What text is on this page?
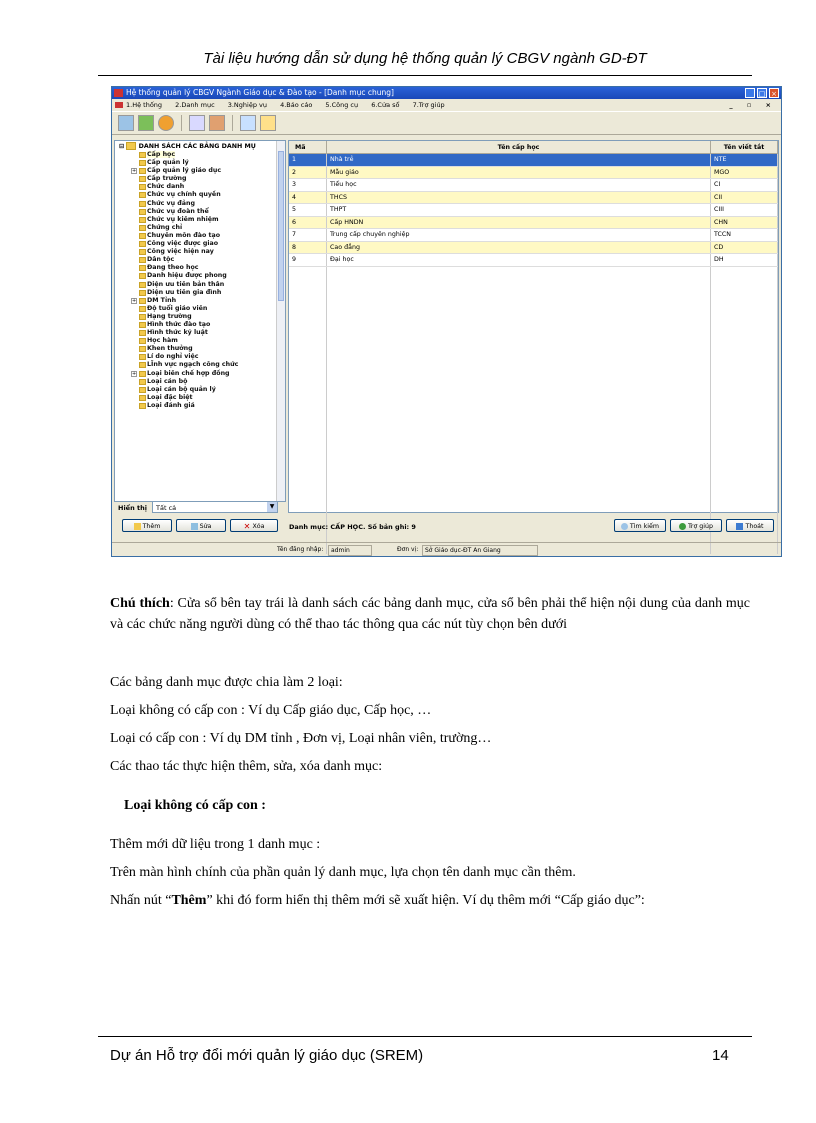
Tài liệu hướng dẫn sử dụng hệ thống quản lý CBGV ngành GD-ĐT
Hệ thống quản lý CBGV Ngành Giáo dục & Đào tạo - [Danh mục chung]	_ □ ×
1.Hệ thống 2.Danh mục 3.Nghiệp vụ 4.Báo cáo 5.Công cụ 6.Cửa sổ 7.Trợ giúp	_ ▫ ×
⊟  DANH SÁCH CÁC BẢNG DANH MỤ
Cấp học
Cấp quản lý
+ Cấp quản lý giáo dục
Cấp trường
Chức danh
Chức vụ chính quyền
Chức vụ đảng
Chức vụ đoàn thể
Chức vụ kiêm nhiệm
Chứng chỉ
Chuyên môn đào tạo
Công việc được giao
Công việc hiện nay
Dân tộc
Đang theo học
Danh hiệu được phong
Diện ưu tiên bản thân
Diện ưu tiên gia đình
+ DM Tỉnh
Độ tuổi giáo viên
Hạng trường
Hình thức đào tạo
Hình thức kỷ luật
Học hàm
Khen thưởng
Lí do nghỉ việc
LĨnh vực ngạch công chức
+ Loại biên chế hợp đồng
Loại cán bộ
Loại cán bộ quản lý
Loại đặc biệt
Loại đánh giá
Hiển thị	Tất cả	▼
Mã	Tên cấp học	Tên viết tắt
1	Nhà trẻ	NTE
2	Mẫu giáo	MGO
3	Tiểu học	CI
4	THCS	CII
5	THPT	CIII
6	Cấp HNDN	CHN
7	Trung cấp chuyên nghiệp	TCCN
8	Cao đẳng	CD
9	Đại học	DH

Thêm	Sửa	✕ Xóa	Danh mục: CẤP HỌC. Số bản ghi: 9	Tìm kiếm	Trợ giúp	Thoát
Tên đăng nhập:	admin	Đơn vị:	Sở Giáo dục-ĐT An Giang
Chú thích: Cửa sổ bên tay trái là danh sách các bảng danh mục, cửa sổ bên phải thể hiện nội dung của danh mục và các chức năng người dùng có thể thao tác thông qua các nút tùy chọn bên dưới
Các bảng danh mục được chia làm 2 loại:
Loại không có cấp con : Ví dụ Cấp giáo dục, Cấp học, …
Loại có cấp con : Ví dụ DM tỉnh , Đơn vị, Loại nhân viên, trường…
Các thao tác thực hiện thêm, sửa, xóa danh mục:
Loại không có cấp con :
Thêm mới dữ liệu trong 1 danh mục :
Trên màn hình chính của phần quản lý danh mục, lựa chọn tên danh mục cần thêm.
Nhấn nút “Thêm” khi đó form hiển thị thêm mới sẽ xuất hiện. Ví dụ thêm mới “Cấp giáo dục”:
Dự án Hỗ trợ đổi mới quản lý giáo dục (SREM)	14
